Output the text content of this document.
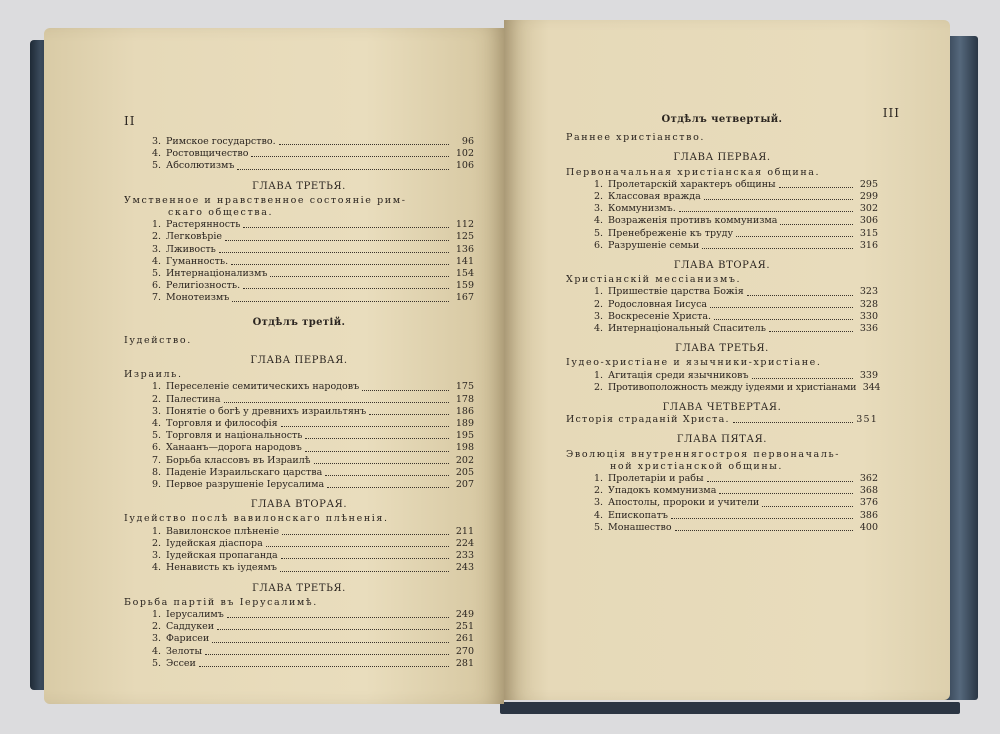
II
3. Римское государство.	96
4. Ростовщичество	102
5. Абсолютизмъ	106
ГЛАВА ТРЕТЬЯ.
Умственное и нравственное состояніе рим-
скаго общества.
1. Растерянность	112
2. Легковѣріе	125
3. Лживость	136
4. Гуманность.	141
5. Интернаціонализмъ	154
6. Религіозность.	159
7. Монотеизмъ	167
Отдѣлъ третій.
Іудейство.
ГЛАВА ПЕРВАЯ.
Израиль.
1. Переселеніе семитическихъ народовъ	175
2. Палестина	178
3. Понятіе о богѣ у древнихъ израильтянъ	186
4. Торговля и философія	189
5. Торговля и національность	195
6. Ханаанъ—дорога народовъ	198
7. Борьба классовъ въ Израилѣ	202
8. Паденіе Израильскаго царства	205
9. Первое разрушеніе Іерусалима	207
ГЛАВА ВТОРАЯ.
Іудейство послѣ вавилонскаго плѣненія.
1. Вавилонское плѣненіе	211
2. Іудейская діаспора	224
3. Іудейская пропаганда	233
4. Ненависть къ іудеямъ	243
ГЛАВА ТРЕТЬЯ.
Борьба партій въ Іерусалимѣ.
1. Іерусалимъ	249
2. Саддукеи	251
3. Фарисеи	261
4. Зелоты	270
5. Эссеи	281
III
Отдѣлъ четвертый.
Раннее христіанство.
ГЛАВА ПЕРВАЯ.
Первоначальная христіанская община.
1. Пролетарскій характеръ общины	295
2. Классовая вражда	299
3. Коммунизмъ.	302
4. Возраженія противъ коммунизма	306
5. Пренебреженіе къ труду	315
6. Разрушеніе семьи	316
ГЛАВА ВТОРАЯ.
Христіанскій мессіанизмъ.
1. Пришествіе царства Божія	323
2. Родословная Іисуса	328
3. Воскресеніе Христа.	330
4. Интернаціональный Спаситель	336
ГЛАВА ТРЕТЬЯ.
Іудео-христіане и язычники-христіане.
1. Агитація среди язычниковъ	339
2. Противоположность между іудеями и христіанами 344
ГЛАВА ЧЕТВЕРТАЯ.
Исторія страданій Христа.	351
ГЛАВА ПЯТАЯ.
Эволюція внутреннягостроя первоначаль-
ной христіанской общины.
1. Пролетаріи и рабы	362
2. Упадокъ коммунизма	368
3. Апостолы, пророки и учители	376
4. Епископатъ	386
5. Монашество	400
